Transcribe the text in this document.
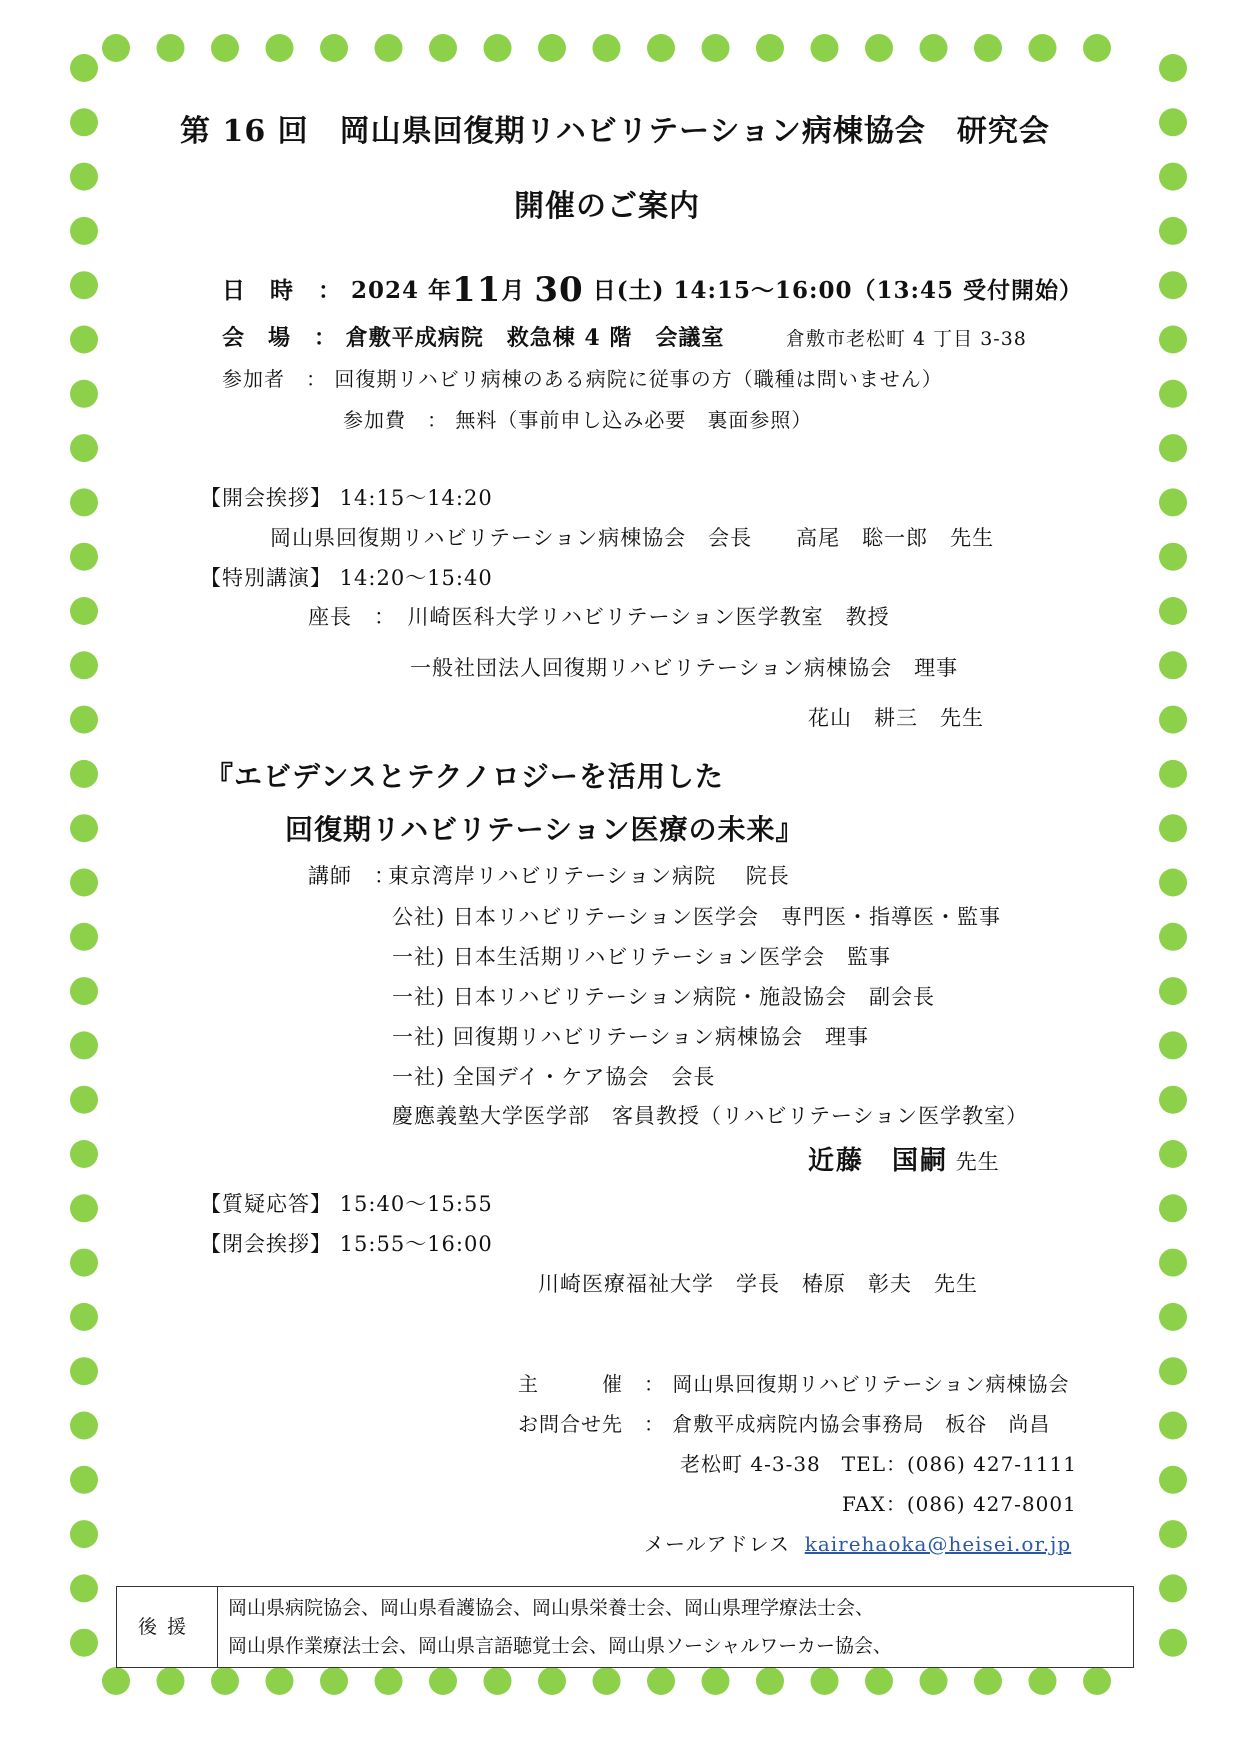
第 16 回　岡山県回復期リハビリテーション病棟協会　研究会
開催のご案内
日　時　： 2024 年11月 30 日(土) 14:15～16:00（13:45 受付開始）
会　場　： 倉敷平成病院　救急棟 4 階　会議室	倉敷市老松町 4 丁目 3-38
参加者　： 回復期リハビリ病棟のある病院に従事の方（職種は問いません）
参加費　： 無料（事前申し込み必要　裏面参照）
【開会挨拶】 14:15～14:20
岡山県回復期リハビリテーション病棟協会　会長　　高尾　聡一郎　先生
【特別講演】 14:20～15:40
座長　：　川崎医科大学リハビリテーション医学教室　教授
一般社団法人回復期リハビリテーション病棟協会　理事
花山　耕三　先生
『エビデンスとテクノロジーを活用した
回復期リハビリテーション医療の未来』
講師　：
東京湾岸リハビリテーション病院　 院長
公社) 日本リハビリテーション医学会　専門医・指導医・監事
一社) 日本生活期リハビリテーション医学会　監事
一社) 日本リハビリテーション病院・施設協会　副会長
一社) 回復期リハビリテーション病棟協会　理事
一社) 全国デイ・ケア協会　会長
慶應義塾大学医学部　客員教授（リハビリテーション医学教室）
近藤　国嗣 先生
【質疑応答】 15:40～15:55
【閉会挨拶】 15:55～16:00
川崎医療福祉大学　学長　椿原　彰夫　先生
主　　　催　： 岡山県回復期リハビリテーション病棟協会
お問合せ先　： 倉敷平成病院内協会事務局　板谷　尚昌
老松町 4-3-38　TEL：(086) 427-1111
FAX：(086) 427-8001
メールアドレス kairehaoka@heisei.or.jp
後援	
岡山県病院協会、岡山県看護協会、岡山県栄養士会、岡山県理学療法士会、
岡山県作業療法士会、岡山県言語聴覚士会、岡山県ソーシャルワーカー協会、
